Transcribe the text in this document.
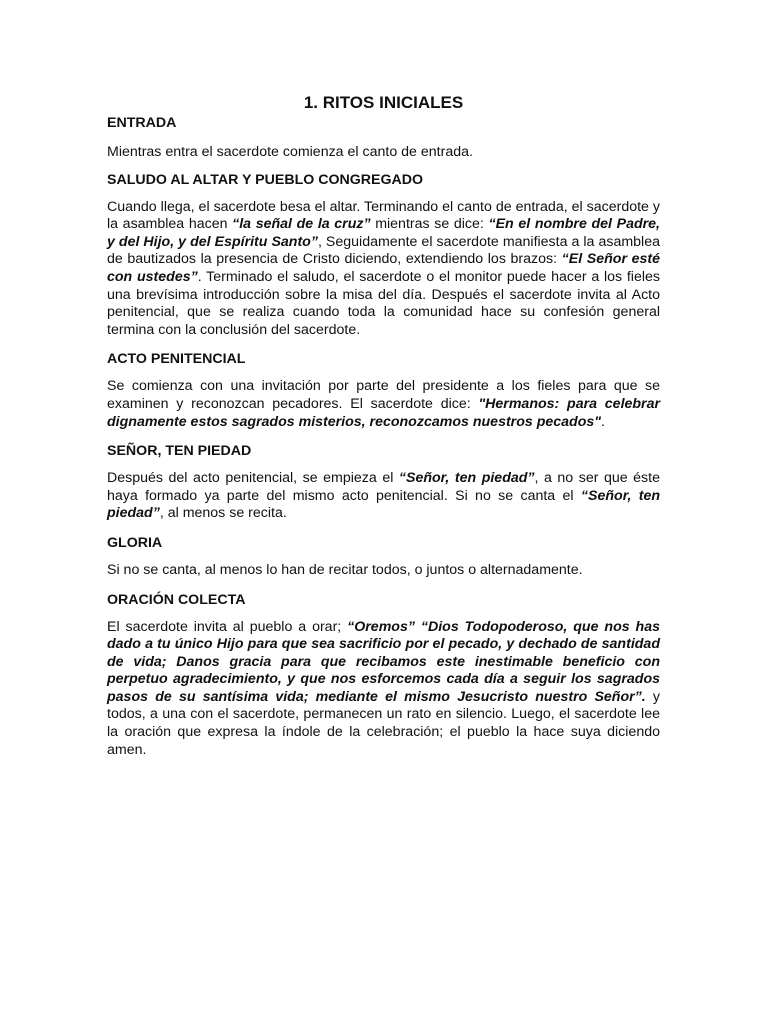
1. RITOS INICIALES
ENTRADA

Mientras entra el sacerdote comienza el canto de entrada.

SALUDO AL ALTAR Y PUEBLO CONGREGADO

Cuando llega, el sacerdote besa el altar. Terminando el canto de entrada, el sacerdote y la asamblea hacen “la señal de la cruz” mientras se dice: “En el nombre del Padre, y del Hijo, y del Espíritu Santo”, Seguidamente el sacerdote manifiesta a la asamblea de bautizados la presencia de Cristo diciendo, extendiendo los brazos: “El Señor esté con ustedes”. Terminado el saludo, el sacerdote o el monitor puede hacer a los fieles una brevísima introducción sobre la misa del día. Después el sacerdote invita al Acto penitencial, que se realiza cuando toda la comunidad hace su confesión general termina con la conclusión del sacerdote.

ACTO PENITENCIAL

Se comienza con una invitación por parte del presidente a los fieles para que se examinen y reconozcan pecadores. El sacerdote dice: "Hermanos: para celebrar dignamente estos sagrados misterios, reconozcamos nuestros pecados".

SEÑOR, TEN PIEDAD

Después del acto penitencial, se empieza el “Señor, ten piedad”, a no ser que éste haya formado ya parte del mismo acto penitencial. Si no se canta el “Señor, ten piedad”, al menos se recita.

GLORIA

Si no se canta, al menos lo han de recitar todos, o juntos o alternadamente.

ORACIÓN COLECTA

El sacerdote invita al pueblo a orar; “Oremos” “Dios Todopoderoso, que nos has dado a tu único Hijo para que sea sacrificio por el pecado, y dechado de santidad de vida; Danos gracia para que recibamos este inestimable beneficio con perpetuo agradecimiento, y que nos esforcemos cada día a seguir los sagrados pasos de su santísima vida; mediante el mismo Jesucristo nuestro Señor”. y todos, a una con el sacerdote, permanecen un rato en silencio. Luego, el sacerdote lee la oración que expresa la índole de la celebración; el pueblo la hace suya diciendo amen.
